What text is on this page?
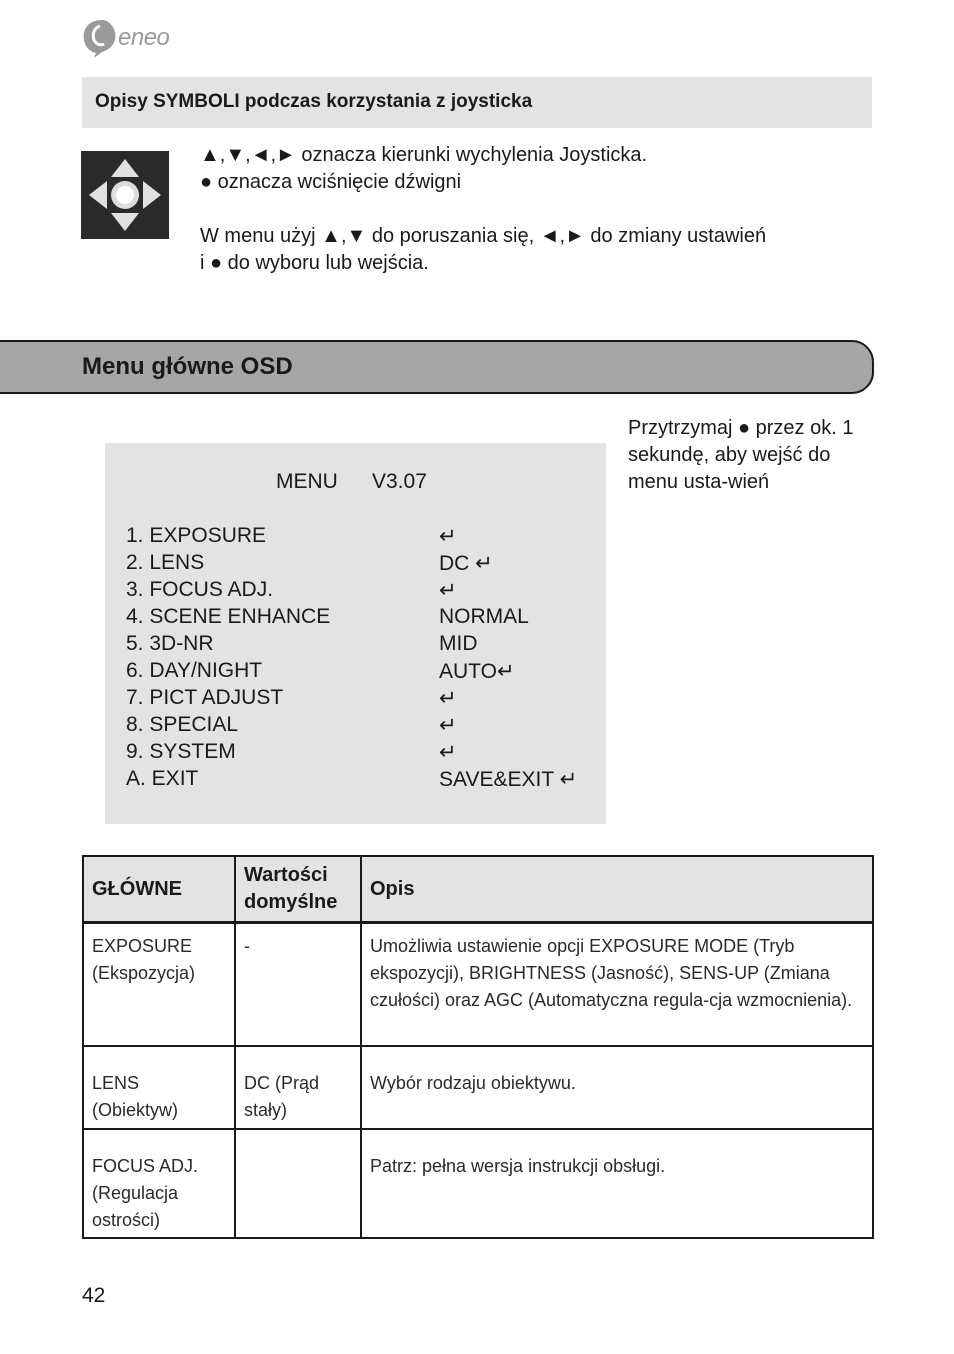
eneo
Opisy SYMBOLI podczas korzystania z joysticka
▲,▼,◄,► oznacza kierunki wychylenia Joysticka.
● oznacza wciśnięcie dźwigni
W menu użyj ▲,▼ do poruszania się, ◄,► do zmiany ustawień
i ● do wyboru lub wejścia.
Menu główne OSD
MENU V3.07
1. EXPOSURE	↵
2. LENS	DC ↵
3. FOCUS ADJ.	↵
4. SCENE ENHANCE	NORMAL
5. 3D-NR	MID
6. DAY/NIGHT	AUTO↵
7. PICT ADJUST	↵
8. SPECIAL	↵
9. SYSTEM	↵
A. EXIT	SAVE&EXIT ↵
Przytrzymaj ● przez ok. 1 sekundę, aby wejść do menu usta-wień
GŁÓWNE	Wartości domyślne	Opis
EXPOSURE (Ekspozycja)	-	Umożliwia ustawienie opcji EXPOSURE MODE (Tryb ekspozycji), BRIGHTNESS (Jasność), SENS-UP (Zmiana czułości) oraz AGC (Automatyczna regula-cja wzmocnienia).
LENS (Obiektyw)	DC (Prąd stały)	Wybór rodzaju obiektywu.
FOCUS ADJ. (Regulacja ostrości)		Patrz: pełna wersja instrukcji obsługi.
42
